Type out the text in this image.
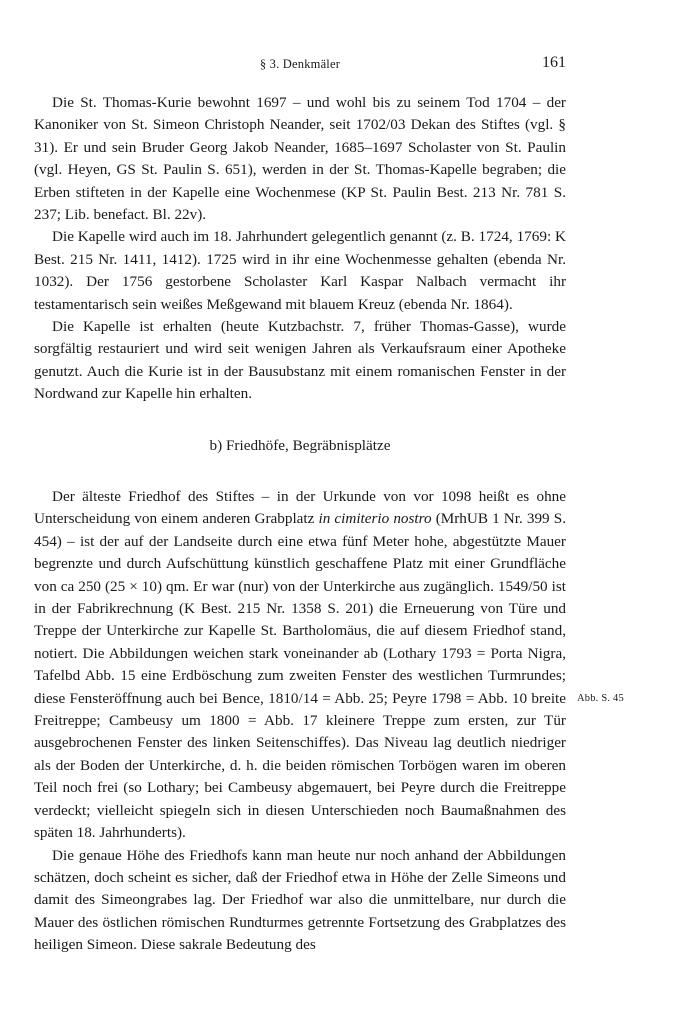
§ 3. Denkmäler	161

Die St. Thomas-Kurie bewohnt 1697 – und wohl bis zu seinem Tod 1704 – der Kanoniker von St. Simeon Christoph Neander, seit 1702/03 Dekan des Stiftes (vgl. § 31). Er und sein Bruder Georg Jakob Neander, 1685–1697 Scholaster von St. Paulin (vgl. Heyen, GS St. Paulin S. 651), werden in der St. Thomas-Kapelle begraben; die Erben stifteten in der Kapelle eine Wochenmese (KP St. Paulin Best. 213 Nr. 781 S. 237; Lib. benefact. Bl. 22v).

Die Kapelle wird auch im 18. Jahrhundert gelegentlich genannt (z. B. 1724, 1769: K Best. 215 Nr. 1411, 1412). 1725 wird in ihr eine Wochenmesse gehalten (ebenda Nr. 1032). Der 1756 gestorbene Scholaster Karl Kaspar Nalbach vermacht ihr testamentarisch sein weißes Meßgewand mit blauem Kreuz (ebenda Nr. 1864).

Die Kapelle ist erhalten (heute Kutzbachstr. 7, früher Thomas-Gasse), wurde sorgfältig restauriert und wird seit wenigen Jahren als Verkaufsraum einer Apotheke genutzt. Auch die Kurie ist in der Bausubstanz mit einem romanischen Fenster in der Nordwand zur Kapelle hin erhalten.

b) Friedhöfe, Begräbnisplätze

Der älteste Friedhof des Stiftes – in der Urkunde von vor 1098 heißt es ohne Unterscheidung von einem anderen Grabplatz in cimiterio nostro (MrhUB 1 Nr. 399 S. 454) – ist der auf der Landseite durch eine etwa fünf Meter hohe, abgestützte Mauer begrenzte und durch Aufschüttung künstlich geschaffene Platz mit einer Grundfläche von ca 250 (25 × 10) qm. Er war (nur) von der Unterkirche aus zugänglich. 1549/50 ist in der Fabrikrechnung (K Best. 215 Nr. 1358 S. 201) die Erneuerung von Türe und Treppe der Unterkirche zur Kapelle St. Bartholomäus, die auf diesem Friedhof stand, notiert. Die Abbildungen weichen stark voneinander ab (Lothary 1793 = Porta Nigra, Tafelbd Abb. 15 eine Erdböschung zum zweiten Fenster des westlichen Turmrundes; diese Fensteröffnung auch bei Bence, 1810/14 = Abb. 25; Peyre 1798 = Abb. 10 breite Freitreppe; Cambeusy um 1800 = Abb. 17 kleinere Treppe zum ersten, zur Tür ausgebrochenen Fenster des linken Seitenschiffes). Das Niveau lag deutlich niedriger als der Boden der Unterkirche, d. h. die beiden römischen Torbögen waren im oberen Teil noch frei (so Lothary; bei Cambeusy abgemauert, bei Peyre durch die Freitreppe verdeckt; vielleicht spiegeln sich in diesen Unterschieden noch Baumaßnahmen des späten 18. Jahrhunderts).

Die genaue Höhe des Friedhofs kann man heute nur noch anhand der Abbildungen schätzen, doch scheint es sicher, daß der Friedhof etwa in Höhe der Zelle Simeons und damit des Simeongrabes lag. Der Friedhof war also die unmittelbare, nur durch die Mauer des östlichen römischen Rundturmes getrennte Fortsetzung des Grabplatzes des heiligen Simeon. Diese sakrale Bedeutung des

Abb. S. 45
